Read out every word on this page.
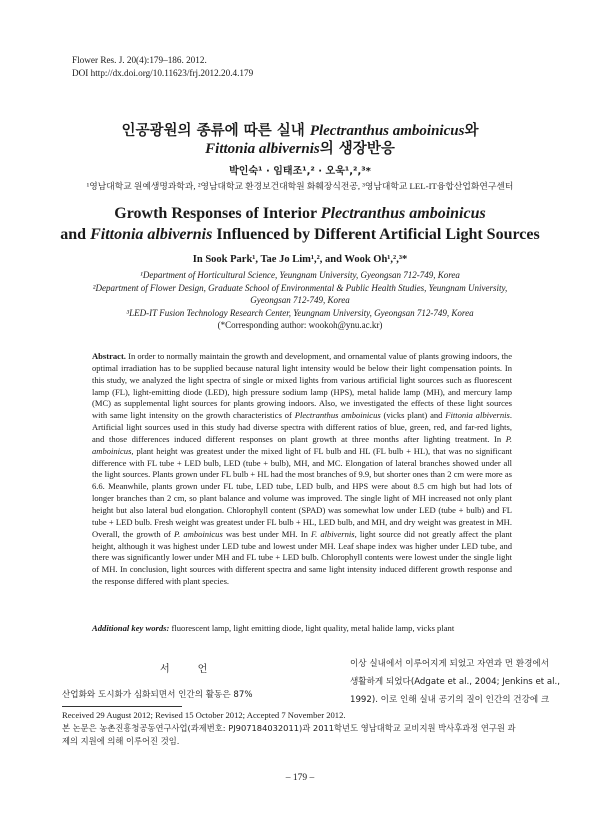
Flower Res. J. 20(4):179–186. 2012.
DOI http://dx.doi.org/10.11623/frj.2012.20.4.179
인공광원의 종류에 따른 실내 Plectranthus amboinicus와
Fittonia albivernis의 생장반응
박인숙¹ · 임태조¹,² · 오욱¹,²,³*
¹영남대학교 원예생명과학과, ²영남대학교 환경보건대학원 화훼장식전공, ³영남대학교 LEL-IT융합산업화연구센터
Growth Responses of Interior Plectranthus amboinicus
and Fittonia albivernis Influenced by Different Artificial Light Sources
In Sook Park¹, Tae Jo Lim¹,², and Wook Oh¹,²,³*
¹Department of Horticultural Science, Yeungnam University, Gyeongsan 712-749, Korea
²Department of Flower Design, Graduate School of Environmental & Public Health Studies, Yeungnam University,
Gyeongsan 712-749, Korea
³LED-IT Fusion Technology Research Center, Yeungnam University, Gyeongsan 712-749, Korea
(*Corresponding author: wookoh@ynu.ac.kr)

Abstract. In order to normally maintain the growth and development, and ornamental value of plants growing indoors, the optimal irradiation has to be supplied because natural light intensity would be below their light compensation points. In this study, we analyzed the light spectra of single or mixed lights from various artificial light sources such as fluorescent lamp (FL), light-emitting diode (LED), high pressure sodium lamp (HPS), metal halide lamp (MH), and mercury lamp (MC) as supplemental light sources for plants growing indoors. Also, we investigated the effects of these light sources with same light intensity on the growth characteristics of Plectranthus amboinicus (vicks plant) and Fittonia albivernis. Artificial light sources used in this study had diverse spectra with different ratios of blue, green, red, and far-red lights, and those differences induced different responses on plant growth at three months after lighting treatment. In P. amboinicus, plant height was greatest under the mixed light of FL bulb and HL (FL bulb + HL), that was no significant difference with FL tube + LED bulb, LED (tube + bulb), MH, and MC. Elongation of lateral branches showed under all the light sources. Plants grown under FL bulb + HL had the most branches of 9.9, but shorter ones than 2 cm were more as 6.6. Meanwhile, plants grown under FL tube, LED tube, LED bulb, and HPS were about 8.5 cm high but had lots of longer branches than 2 cm, so plant balance and volume was improved. The single light of MH increased not only plant height but also lateral bud elongation. Chlorophyll content (SPAD) was somewhat low under LED (tube + bulb) and FL tube + LED bulb. Fresh weight was greatest under FL bulb + HL, LED bulb, and MH, and dry weight was greatest in MH. Overall, the growth of P. amboinicus was best under MH. In F. albivernis, light source did not greatly affect the plant height, although it was highest under LED tube and lowest under MH. Leaf shape index was higher under LED tube, and there was significantly lower under MH and FL tube + LED bulb. Chlorophyll contents were lowest under the single light of MH. In conclusion, light sources with different spectra and same light intensity induced different growth response and the response differed with plant species.

Additional key words: fluorescent lamp, light emitting diode, light quality, metal halide lamp, vicks plant
서언
산업화와 도시화가 심화되면서 인간의 활동은 87%
이상 실내에서 이루어지게 되었고 자연과 먼 환경에서
생활하게 되었다(Adgate et al., 2004; Jenkins et al.,
1992). 이로 인해 실내 공기의 질이 인간의 건강에 크
Received 29 August 2012; Revised 15 October 2012; Accepted 7 November 2012.
본 논문은 농촌진흥청공동연구사업(과제번호: PJ907184032011)과 2011학년도 영남대학교 교비지원 박사후과정 연구원 과
제의 지원에 의해 이루어진 것임.
– 179 –
